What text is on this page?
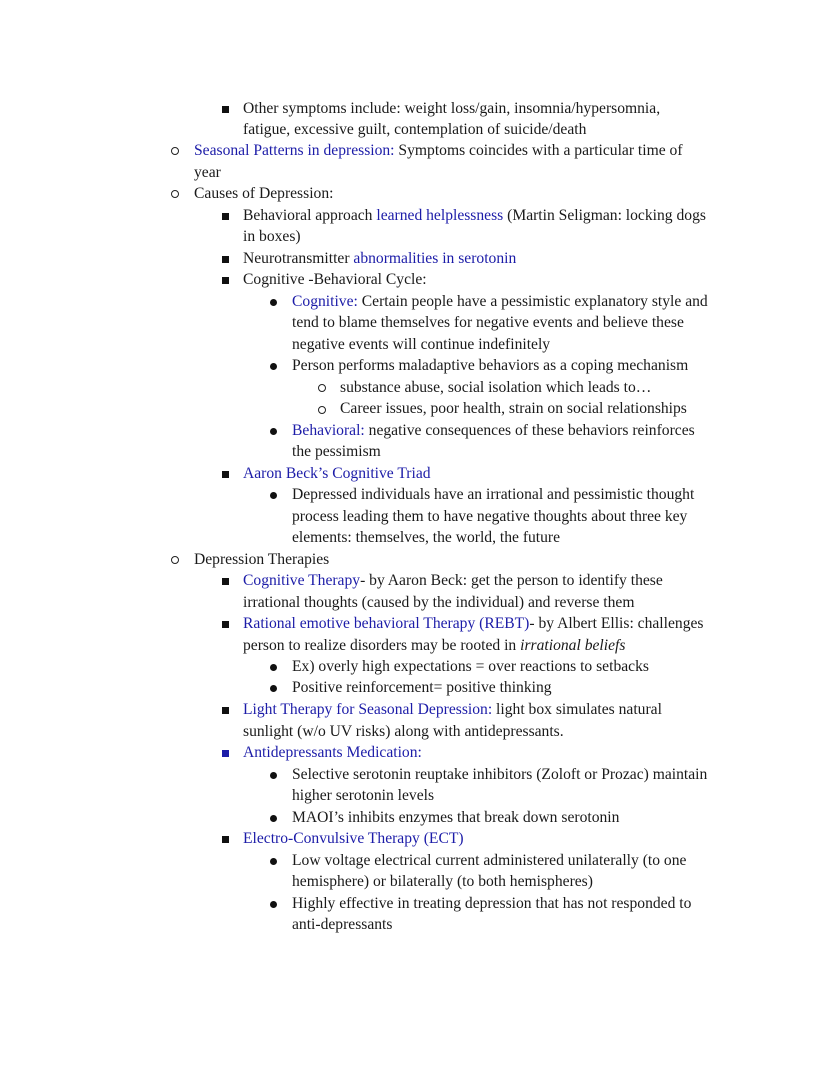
Other symptoms include: weight loss/gain, insomnia/hypersomnia,
fatigue, excessive guilt, contemplation of suicide/death
Seasonal Patterns in depression: Symptoms coincides with a particular time of
year
Causes of Depression:
Behavioral approach learned helplessness (Martin Seligman: locking dogs
in boxes)
Neurotransmitter abnormalities in serotonin
Cognitive -Behavioral Cycle:
Cognitive: Certain people have a pessimistic explanatory style and
tend to blame themselves for negative events and believe these
negative events will continue indefinitely
Person performs maladaptive behaviors as a coping mechanism
substance abuse, social isolation which leads to…
Career issues, poor health, strain on social relationships
Behavioral: negative consequences of these behaviors reinforces
the pessimism
Aaron Beck’s Cognitive Triad
Depressed individuals have an irrational and pessimistic thought
process leading them to have negative thoughts about three key
elements: themselves, the world, the future
Depression Therapies
Cognitive Therapy- by Aaron Beck: get the person to identify these
irrational thoughts (caused by the individual) and reverse them
Rational emotive behavioral Therapy (REBT)- by Albert Ellis: challenges
person to realize disorders may be rooted in irrational beliefs
Ex) overly high expectations = over reactions to setbacks
Positive reinforcement= positive thinking
Light Therapy for Seasonal Depression: light box simulates natural
sunlight (w/o UV risks) along with antidepressants.
Antidepressants Medication:
Selective serotonin reuptake inhibitors (Zoloft or Prozac) maintain
higher serotonin levels
MAOI’s inhibits enzymes that break down serotonin
Electro-Convulsive Therapy (ECT)
Low voltage electrical current administered unilaterally (to one
hemisphere) or bilaterally (to both hemispheres)
Highly effective in treating depression that has not responded to
anti-depressants
